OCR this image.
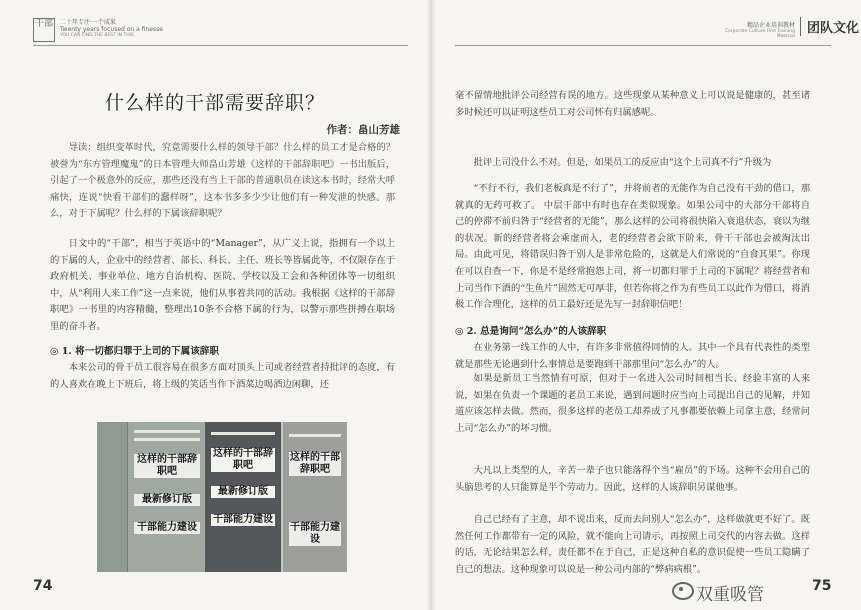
干部	二十年专注·一个成果
Twenty years focused on a finesse
YOU CAN FIND THE BEST IN THIS
什么样的干部需要辞职？
作者：畠山芳雄

导读：组织变革时代，究竟需要什么样的领导干部？什么样的员工才是合格的？被誉为“东方管理魔鬼”的日本管理大师畠山芳雄《这样的干部辞职吧》一书出版后，引起了一个极意外的反应，那些还没有当上干部的普通职员在读这本书时，经常大呼痛快，连说“快看干部们的蠢样呀”，这本书多多少少让他们有一种发泄的快感。那么，对于下属呢？什么样的下属该辞职呢？

日文中的“干部”，相当于英语中的“Manager”，从广义上说，指拥有一个以上的下属的人，企业中的经营者、部长、科长、主任、班长等皆属此等，不仅限存在于政府机关、事业单位、地方自治机构、医院、学校以及工会和各种团体等一切组织中，从“利用人来工作”这一点来说，他们从事着共同的活动。我根据《这样的干部辞职吧》一书里的内容精髓，整理出10条不合格下属的行为，以警示那些拼搏在职场里的奋斗者。

◎ 1. 将一切都归罪于上司的下属该辞职

本来公司的骨干员工很容易在很多方面对顶头上司或者经营者持批评的态度，有的人喜欢在晚上下班后，将上级的笑话当作下酒菜边喝酒边闲聊，还

这样的干部辞职吧
最新修订版
干部能力建设
这样的干部辞职吧
最新修订版
干部能力建设
这样的干部辞职吧
干部能力建设
74
精品企业培训教材
Corporate Culture Fine Training Material
团队文化

毫不留情地批评公司经营有误的地方。这些现象从某种意义上可以说是健康的，甚至诸多时候还可以证明这些员工对公司怀有归属感呢。

批评上司没什么不对。但是，如果员工的反应由“这个上司真不行”升级为

“不行不行，我们老板真是不行了”，并将前者的无能作为自己没有干劲的借口，那就真的无药可救了。 中层干部中有时也存在类似现象。如果公司中的大部分干部将自己的停滞不前归咎于“经营者的无能”，那么这样的公司将很快陷入衰退状态，衰以为继的状况。新的经营者将会乘虚而入，老的经营者会欲下阶来，骨干干部也会被淘汰出局。由此可见，将错误归咎于别人是非常危险的，这就是人们常说的“自食其果”。你现在可以自查一下，你是不是经常抱怨上司，将一切都归罪于上司的下属呢？将经营者和上司当作下酒的“生鱼片”固然无可厚非，但若你将之作为有些员工以此作为借口，将消极工作合理化，这样的员工最好还是先写一封辞职信吧！

◎ 2. 总是询问“怎么办”的人该辞职

在业务第一线工作的人中，有许多非常值得同情的人。其中一个具有代表性的类型就是那些无论遇到什么事情总是要跑到干部那里问“怎么办”的人。

如果是新员工当然情有可原，但对于一名进入公司时间相当长、经验丰富的人来说，如果在负责一个课题的老员工来说，遇到问题时应当向上司提出自己的见解，并知道应该怎样去做。然而，很多这样的老员工却养成了凡事都要依赖上司拿主意，经常问上司“怎么办”的坏习惯。

大凡以上类型的人，辛苦一辈子也只能落得个当“雇员”的下场。这种不会用自己的头脑思考的人只能算是半个劳动力。因此，这样的人该辞职另谋他事。

自己已经有了主意，却不说出来，反而去问别人“怎么办”，这样做就更不好了。既然任何工作都带有一定的风险，就不能向上司请示，再按照上司交代的内容去做。这样的话，无论结果怎么样，责任都不在于自己，正是这种自私的意识促使一些员工隐瞒了自己的想法。这种现象可以说是一种公司内部的“弊病病根”。

双重吸管	75
